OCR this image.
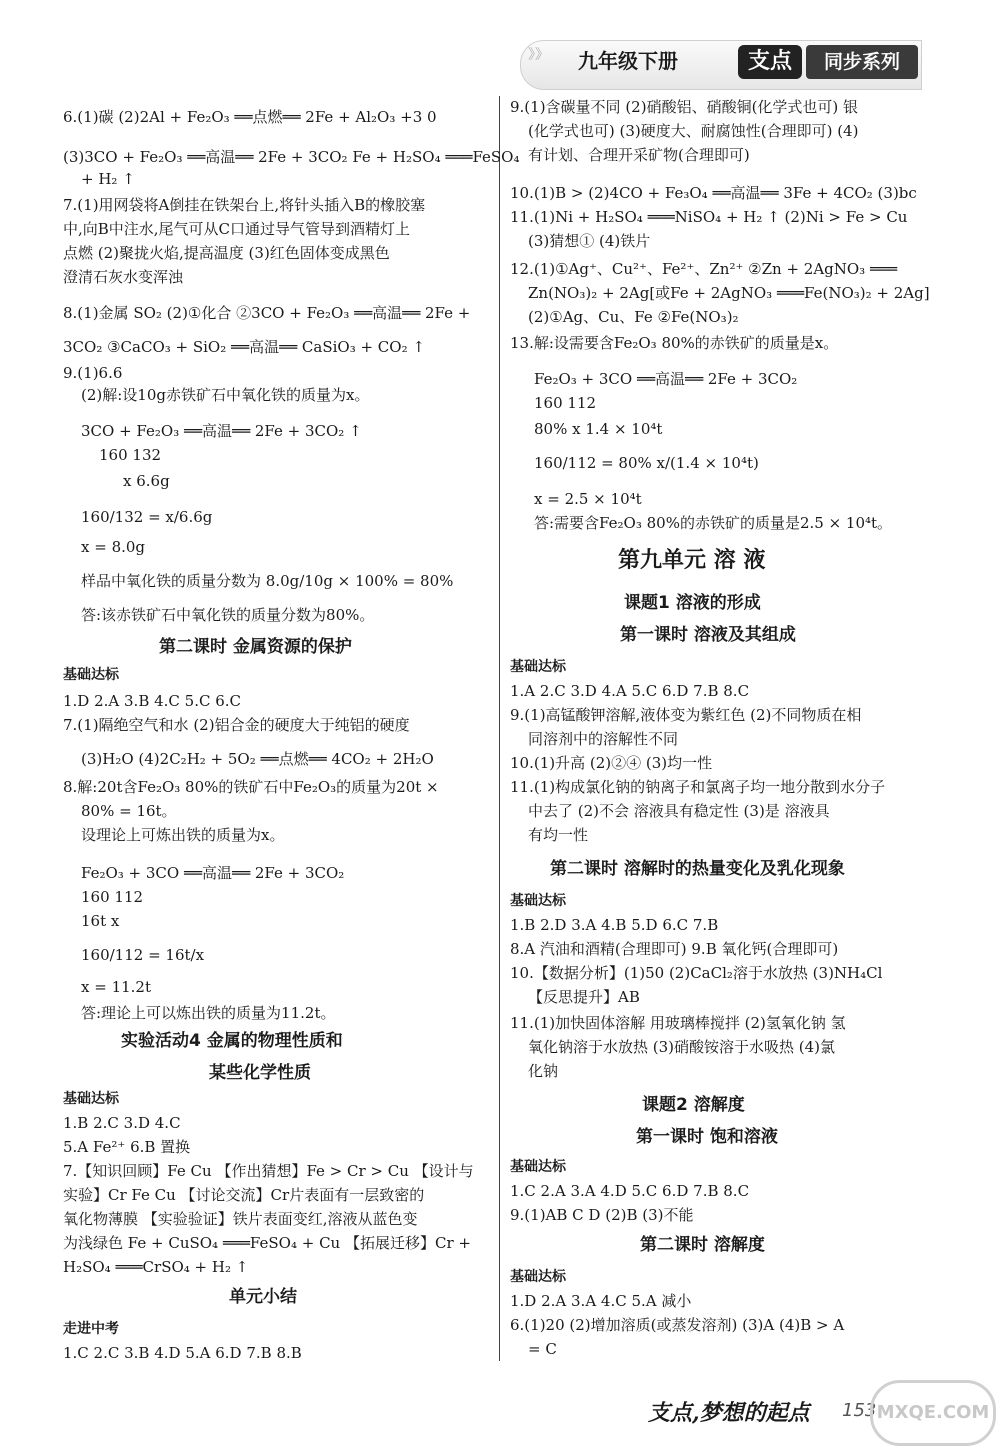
》》 九年级下册	支点	同步系列
6.(1)碳 (2)2Al + Fe₂O₃ ══点燃══ 2Fe + Al₂O₃ +3 0
(3)3CO + Fe₂O₃ ══高温══ 2Fe + 3CO₂ Fe + H₂SO₄ ═══FeSO₄
+ H₂ ↑
7.(1)用网袋将A倒挂在铁架台上,将针头插入B的橡胶塞
中,向B中注水,尾气可从C口通过导气管导到酒精灯上
点燃 (2)聚拢火焰,提高温度 (3)红色固体变成黑色
澄清石灰水变浑浊
8.(1)金属 SO₂ (2)①化合 ②3CO + Fe₂O₃ ══高温══ 2Fe +
3CO₂ ③CaCO₃ + SiO₂ ══高温══ CaSiO₃ + CO₂ ↑
9.(1)6.6
(2)解:设10g赤铁矿石中氧化铁的质量为x。
3CO + Fe₂O₃ ══高温══ 2Fe + 3CO₂ ↑
160 132
x 6.6g
160/132 = x/6.6g
x = 8.0g
样品中氧化铁的质量分数为 8.0g/10g × 100% = 80%
答:该赤铁矿石中氧化铁的质量分数为80%。
第二课时 金属资源的保护
基础达标
1.D 2.A 3.B 4.C 5.C 6.C
7.(1)隔绝空气和水 (2)铝合金的硬度大于纯铝的硬度
(3)H₂O (4)2C₂H₂ + 5O₂ ══点燃══ 4CO₂ + 2H₂O
8.解:20t含Fe₂O₃ 80%的铁矿石中Fe₂O₃的质量为20t ×
80% = 16t。
设理论上可炼出铁的质量为x。
Fe₂O₃ + 3CO ══高温══ 2Fe + 3CO₂
160 112
16t x
160/112 = 16t/x
x = 11.2t
答:理论上可以炼出铁的质量为11.2t。
实验活动4 金属的物理性质和
某些化学性质
基础达标
1.B 2.C 3.D 4.C
5.A Fe²⁺ 6.B 置换
7.【知识回顾】Fe Cu 【作出猜想】Fe > Cr > Cu 【设计与
实验】Cr Fe Cu 【讨论交流】Cr片表面有一层致密的
氧化物薄膜 【实验验证】铁片表面变红,溶液从蓝色变
为浅绿色 Fe + CuSO₄ ═══FeSO₄ + Cu 【拓展迁移】Cr +
H₂SO₄ ═══CrSO₄ + H₂ ↑
单元小结
走进中考
1.C 2.C 3.B 4.D 5.A 6.D 7.B 8.B
9.(1)含碳量不同 (2)硝酸铝、硝酸铜(化学式也可) 银
(化学式也可) (3)硬度大、耐腐蚀性(合理即可) (4)
有计划、合理开采矿物(合理即可)
10.(1)B > (2)4CO + Fe₃O₄ ══高温══ 3Fe + 4CO₂ (3)bc
11.(1)Ni + H₂SO₄ ═══NiSO₄ + H₂ ↑ (2)Ni > Fe > Cu
(3)猜想① (4)铁片
12.(1)①Ag⁺、Cu²⁺、Fe²⁺、Zn²⁺ ②Zn + 2AgNO₃ ═══
Zn(NO₃)₂ + 2Ag[或Fe + 2AgNO₃ ═══Fe(NO₃)₂ + 2Ag]
(2)①Ag、Cu、Fe ②Fe(NO₃)₂
13.解:设需要含Fe₂O₃ 80%的赤铁矿的质量是x。
Fe₂O₃ + 3CO ══高温══ 2Fe + 3CO₂
160 112
80% x 1.4 × 10⁴t
160/112 = 80% x/(1.4 × 10⁴t)
x = 2.5 × 10⁴t
答:需要含Fe₂O₃ 80%的赤铁矿的质量是2.5 × 10⁴t。
第九单元 溶 液
课题1 溶液的形成
第一课时 溶液及其组成
基础达标
1.A 2.C 3.D 4.A 5.C 6.D 7.B 8.C
9.(1)高锰酸钾溶解,液体变为紫红色 (2)不同物质在相
同溶剂中的溶解性不同
10.(1)升高 (2)②④ (3)均一性
11.(1)构成氯化钠的钠离子和氯离子均一地分散到水分子
中去了 (2)不会 溶液具有稳定性 (3)是 溶液具
有均一性
第二课时 溶解时的热量变化及乳化现象
基础达标
1.B 2.D 3.A 4.B 5.D 6.C 7.B
8.A 汽油和酒精(合理即可) 9.B 氧化钙(合理即可)
10.【数据分析】(1)50 (2)CaCl₂溶于水放热 (3)NH₄Cl
【反思提升】AB
11.(1)加快固体溶解 用玻璃棒搅拌 (2)氢氧化钠 氢
氧化钠溶于水放热 (3)硝酸铵溶于水吸热 (4)氯
化钠
课题2 溶解度
第一课时 饱和溶液
基础达标
1.C 2.A 3.A 4.D 5.C 6.D 7.B 8.C
9.(1)AB C D (2)B (3)不能
第二课时 溶解度
基础达标
1.D 2.A 3.A 4.C 5.A 减小
6.(1)20 (2)增加溶质(或蒸发溶剂) (3)A (4)B > A
= C
支点,梦想的起点 153 MXQE.COM
